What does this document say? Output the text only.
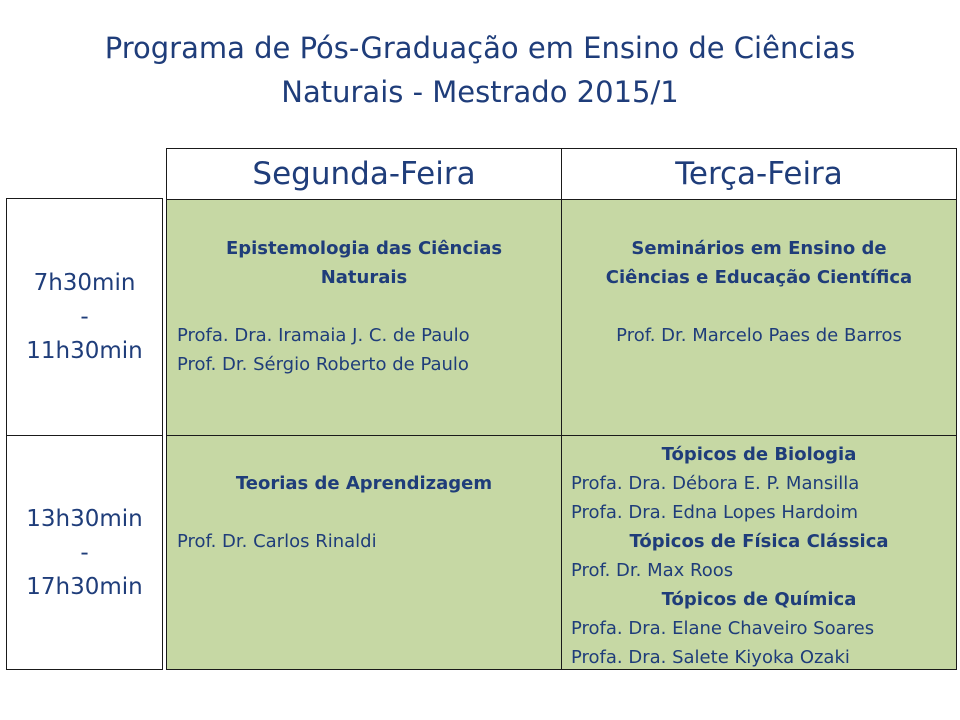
Programa de Pós-Graduação em Ensino de Ciências
Naturais - Mestrado 2015/1
Segunda-Feira	Terça-Feira
7h30min
-
11h30min
13h30min
-
17h30min
Epistemologia das Ciências
Naturais
Profa. Dra. Iramaia J. C. de Paulo
Prof. Dr. Sérgio Roberto de Paulo
Seminários em Ensino de
Ciências e Educação Científica
Prof. Dr. Marcelo Paes de Barros
Teorias de Aprendizagem
Prof. Dr. Carlos Rinaldi
Tópicos de Biologia
Profa. Dra. Débora E. P. Mansilla
Profa. Dra. Edna Lopes Hardoim
Tópicos de Física Clássica
Prof. Dr. Max Roos
Tópicos de Química
Profa. Dra. Elane Chaveiro Soares
Profa. Dra. Salete Kiyoka Ozaki
